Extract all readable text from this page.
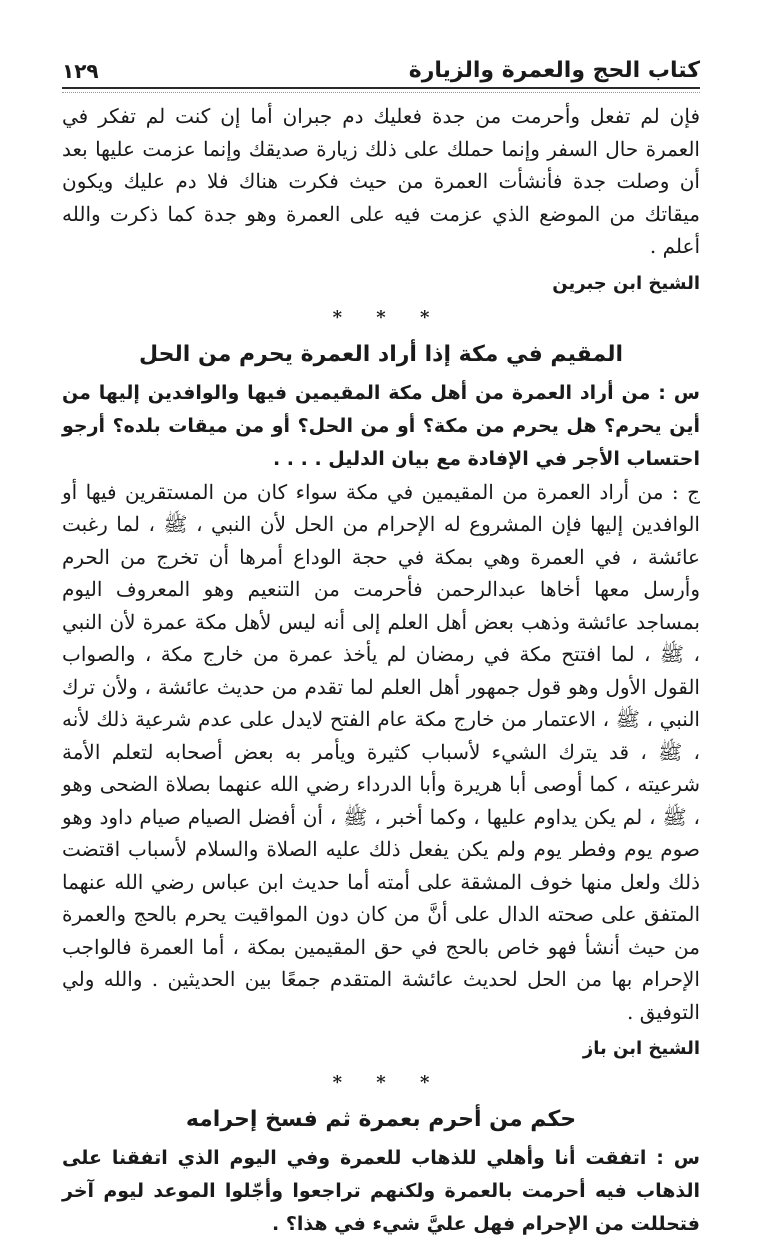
كتاب الحج والعمرة والزيارة
١٢٩

فإن لم تفعل وأحرمت من جدة فعليك دم جبران أما إن كنت لم تفكر في العمرة حال السفر وإنما حملك على ذلك زيارة صديقك وإنما عزمت عليها بعد أن وصلت جدة فأنشأت العمرة من حيث فكرت هناك فلا دم عليك ويكون ميقاتك من الموضع الذي عزمت فيه على العمرة وهو جدة كما ذكرت والله أعلم .

الشيخ ابن جبرين
* * *
المقيم في مكة إذا أراد العمرة يحرم من الحل
س : من أراد العمرة من أهل مكة المقيمين فيها والوافدين إليها من أين يحرم؟ هل يحرم من مكة؟ أو من الحل؟ أو من ميقات بلده؟ أرجو احتساب الأجر في الإفادة مع بيان الدليل . . . .

ج : من أراد العمرة من المقيمين في مكة سواء كان من المستقرين فيها أو الوافدين إليها فإن المشروع له الإحرام من الحل لأن النبي ، ﷺ ، لما رغبت عائشة ، في العمرة وهي بمكة في حجة الوداع أمرها أن تخرج من الحرم وأرسل معها أخاها عبدالرحمن فأحرمت من التنعيم وهو المعروف اليوم بمساجد عائشة وذهب بعض أهل العلم إلى أنه ليس لأهل مكة عمرة لأن النبي ، ﷺ ، لما افتتح مكة في رمضان لم يأخذ عمرة من خارج مكة ، والصواب القول الأول وهو قول جمهور أهل العلم لما تقدم من حديث عائشة ، ولأن ترك النبي ، ﷺ ، الاعتمار من خارج مكة عام الفتح لايدل على عدم شرعية ذلك لأنه ، ﷺ ، قد يترك الشيء لأسباب كثيرة ويأمر به بعض أصحابه لتعلم الأمة شرعيته ، كما أوصى أبا هريرة وأبا الدرداء رضي الله عنهما بصلاة الضحى وهو ، ﷺ ، لم يكن يداوم عليها ، وكما أخبر ، ﷺ ، أن أفضل الصيام صيام داود وهو صوم يوم وفطر يوم ولم يكن يفعل ذلك عليه الصلاة والسلام لأسباب اقتضت ذلك ولعل منها خوف المشقة على أمته أما حديث ابن عباس رضي الله عنهما المتفق على صحته الدال على أنَّ من كان دون المواقيت يحرم بالحج والعمرة من حيث أنشأ فهو خاص بالحج في حق المقيمين بمكة ، أما العمرة فالواجب الإحرام بها من الحل لحديث عائشة المتقدم جمعًا بين الحديثين . والله ولي التوفيق .

الشيخ ابن باز
* * *
حكم من أحرم بعمرة ثم فسخ إحرامه
س : اتفقت أنا وأهلي للذهاب للعمرة وفي اليوم الذي اتفقنا على الذهاب فيه أحرمت بالعمرة ولكنهم تراجعوا وأجّلوا الموعد ليوم آخر فتحللت من الإحرام فهل عليَّ شيء في هذا؟ .
